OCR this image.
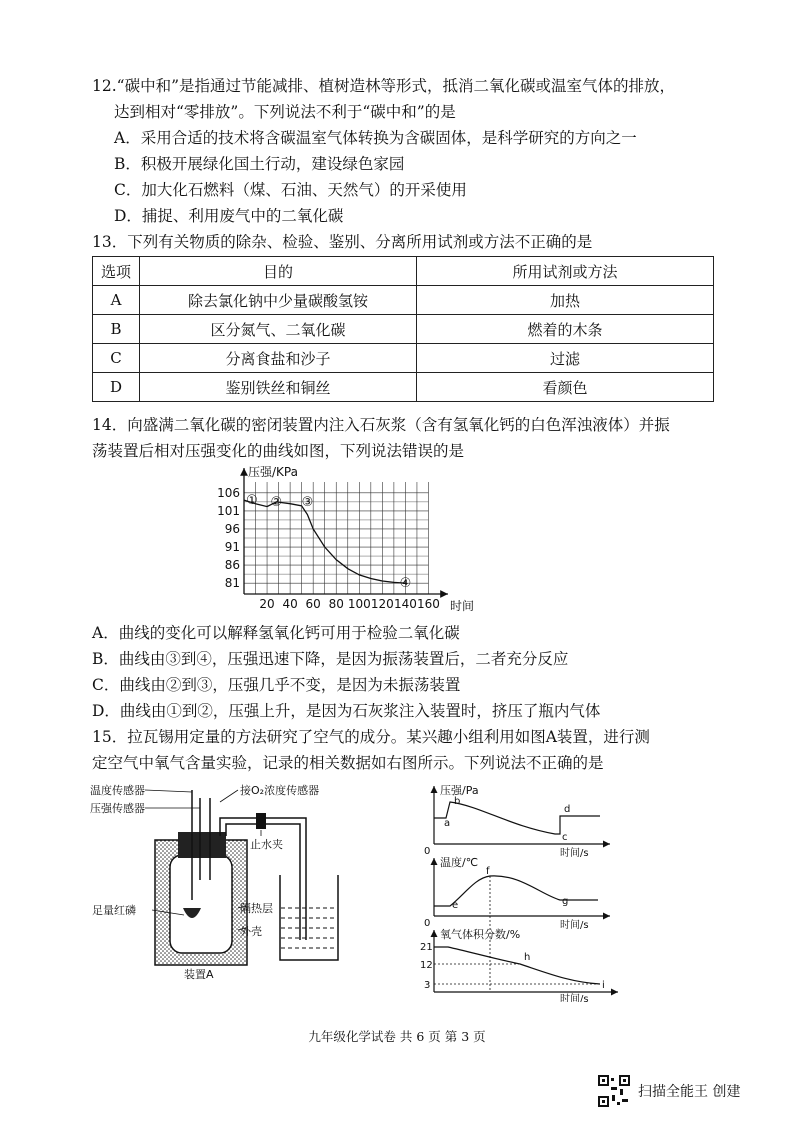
12.“碳中和”是指通过节能减排、植树造林等形式，抵消二氧化碳或温室气体的排放，
达到相对“零排放”。下列说法不利于“碳中和”的是
A．采用合适的技术将含碳温室气体转换为含碳固体，是科学研究的方向之一
B．积极开展绿化国土行动，建设绿色家园
C．加大化石燃料（煤、石油、天然气）的开采使用
D．捕捉、利用废气中的二氧化碳
13．下列有关物质的除杂、检验、鉴别、分离所用试剂或方法不正确的是
选项	目的	所用试剂或方法
A	除去氯化钠中少量碳酸氢铵	加热
B	区分氮气、二氧化碳	燃着的木条
C	分离食盐和沙子	过滤
D	鉴别铁丝和铜丝	看颜色
14．向盛满二氧化碳的密闭装置内注入石灰浆（含有氢氧化钙的白色浑浊液体）并振
荡装置后相对压强变化的曲线如图，下列说法错误的是
106
101
96
91
86
81
20 40 60 80 100 120 140 160
① ② ③
④
压强/KPa
时间
A．曲线的变化可以解释氢氧化钙可用于检验二氧化碳
B．曲线由③到④，压强迅速下降，是因为振荡装置后，二者充分反应
C．曲线由②到③，压强几乎不变，是因为未振荡装置
D．曲线由①到②，压强上升，是因为石灰浆注入装置时，挤压了瓶内气体
15．拉瓦锡用定量的方法研究了空气的成分。某兴趣小组利用如图A装置，进行测
定空气中氧气含量实验，记录的相关数据如右图所示。下列说法不正确的是
温度传感器
压强传感器
接O₂浓度传感器
止水夹
足量红磷	隔热层
外壳
装置A
压强/Pa
时间/s
0
a
b
c
d
温度/℃
时间/s
0
e
f
g
氧气体积分数/%
时间/s
21
12
3
h
i
九年级化学试卷 共 6 页 第 3 页
扫描全能王 创建
